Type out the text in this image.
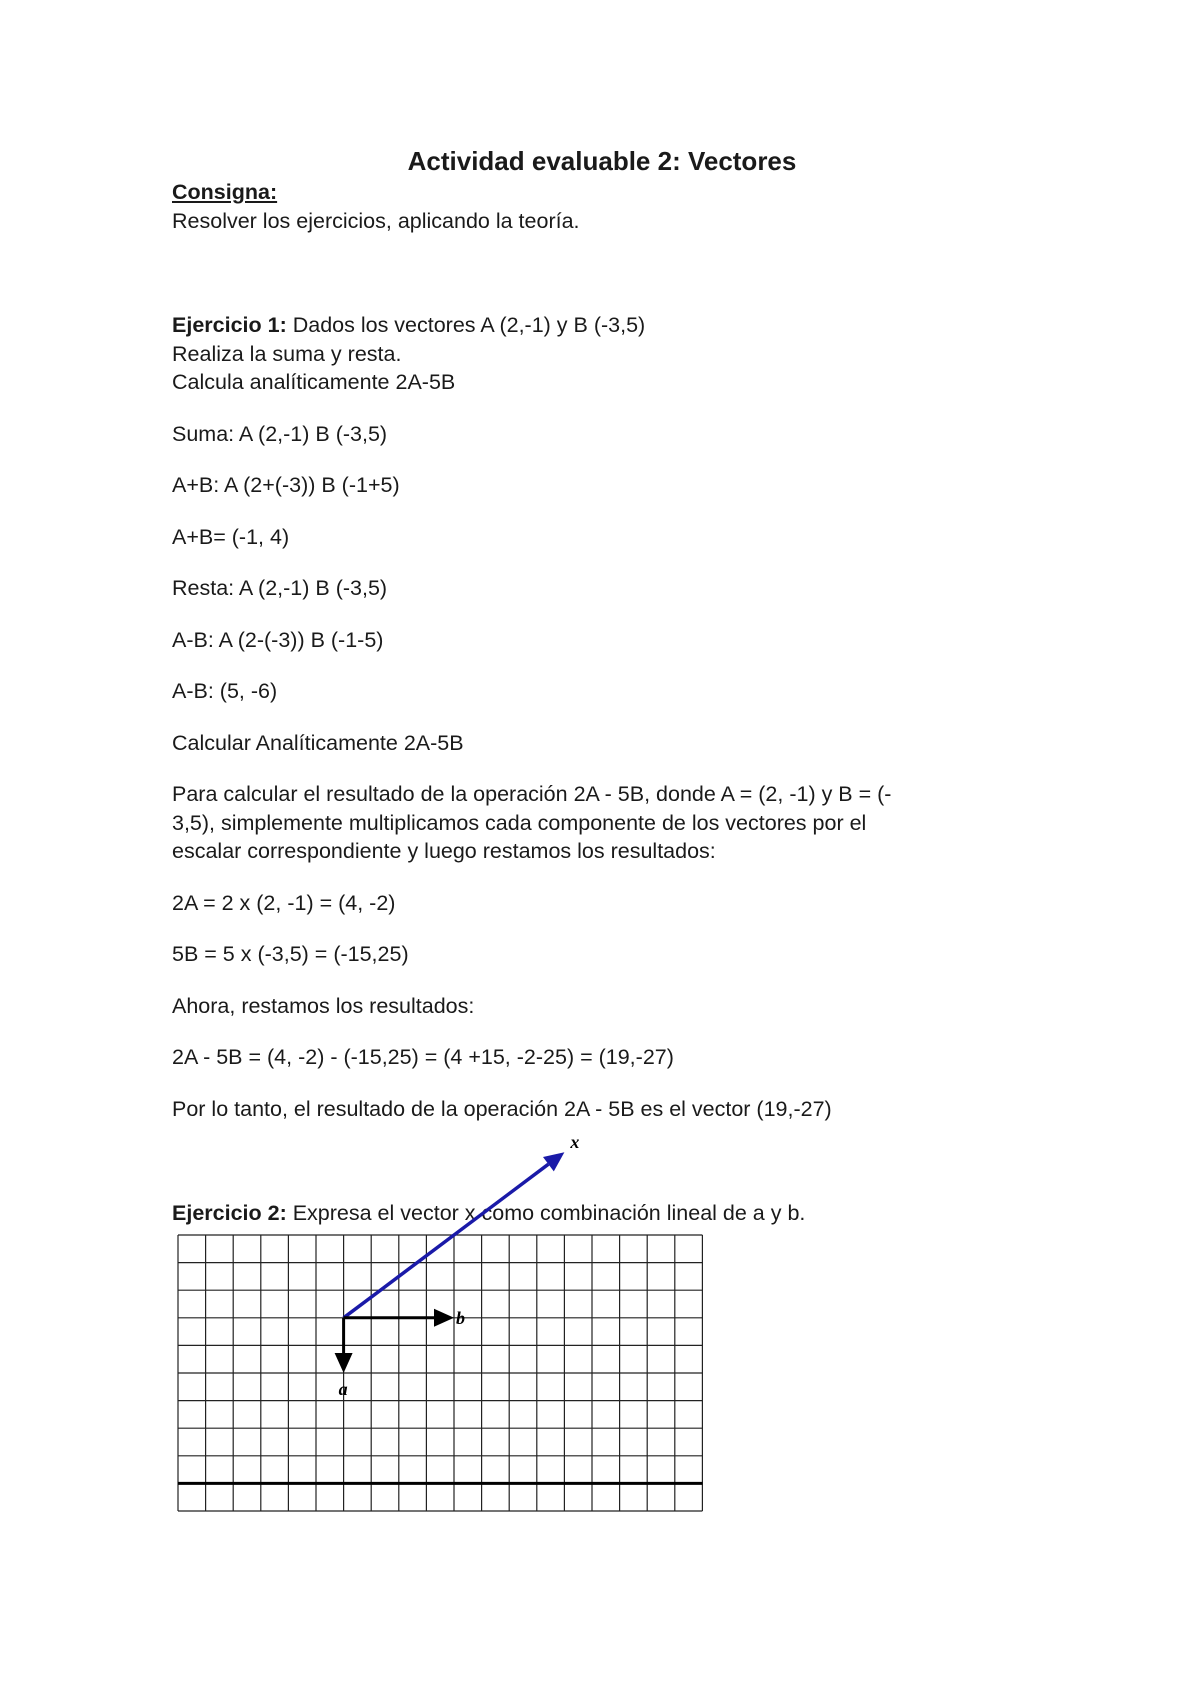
Actividad evaluable 2: Vectores

Consigna:

Resolver los ejercicios, aplicando la teoría.

Ejercicio 1: Dados los vectores A (2,-1) y B (-3,5)

Realiza la suma y resta.

Calcula analíticamente 2A-5B

Suma: A (2,-1) B (-3,5)

A+B: A (2+(-3)) B (-1+5)

A+B= (-1, 4)

Resta: A (2,-1) B (-3,5)

A-B: A (2-(-3)) B (-1-5)

A-B: (5, -6)

Calcular Analíticamente 2A-5B

Para calcular el resultado de la operación 2A - 5B, donde A = (2, -1) y B = (-

3,5), simplemente multiplicamos cada componente de los vectores por el

escalar correspondiente y luego restamos los resultados:

2A = 2 x (2, -1) = (4, -2)

5B = 5 x (-3,5) = (-15,25)

Ahora, restamos los resultados:

2A - 5B = (4, -2) - (-15,25) = (4 +15, -2-25) = (19,-27)

Por lo tanto, el resultado de la operación 2A - 5B es el vector (19,-27)

Ejercicio 2: Expresa el vector x como combinación lineal de a y b.

x
a
b
